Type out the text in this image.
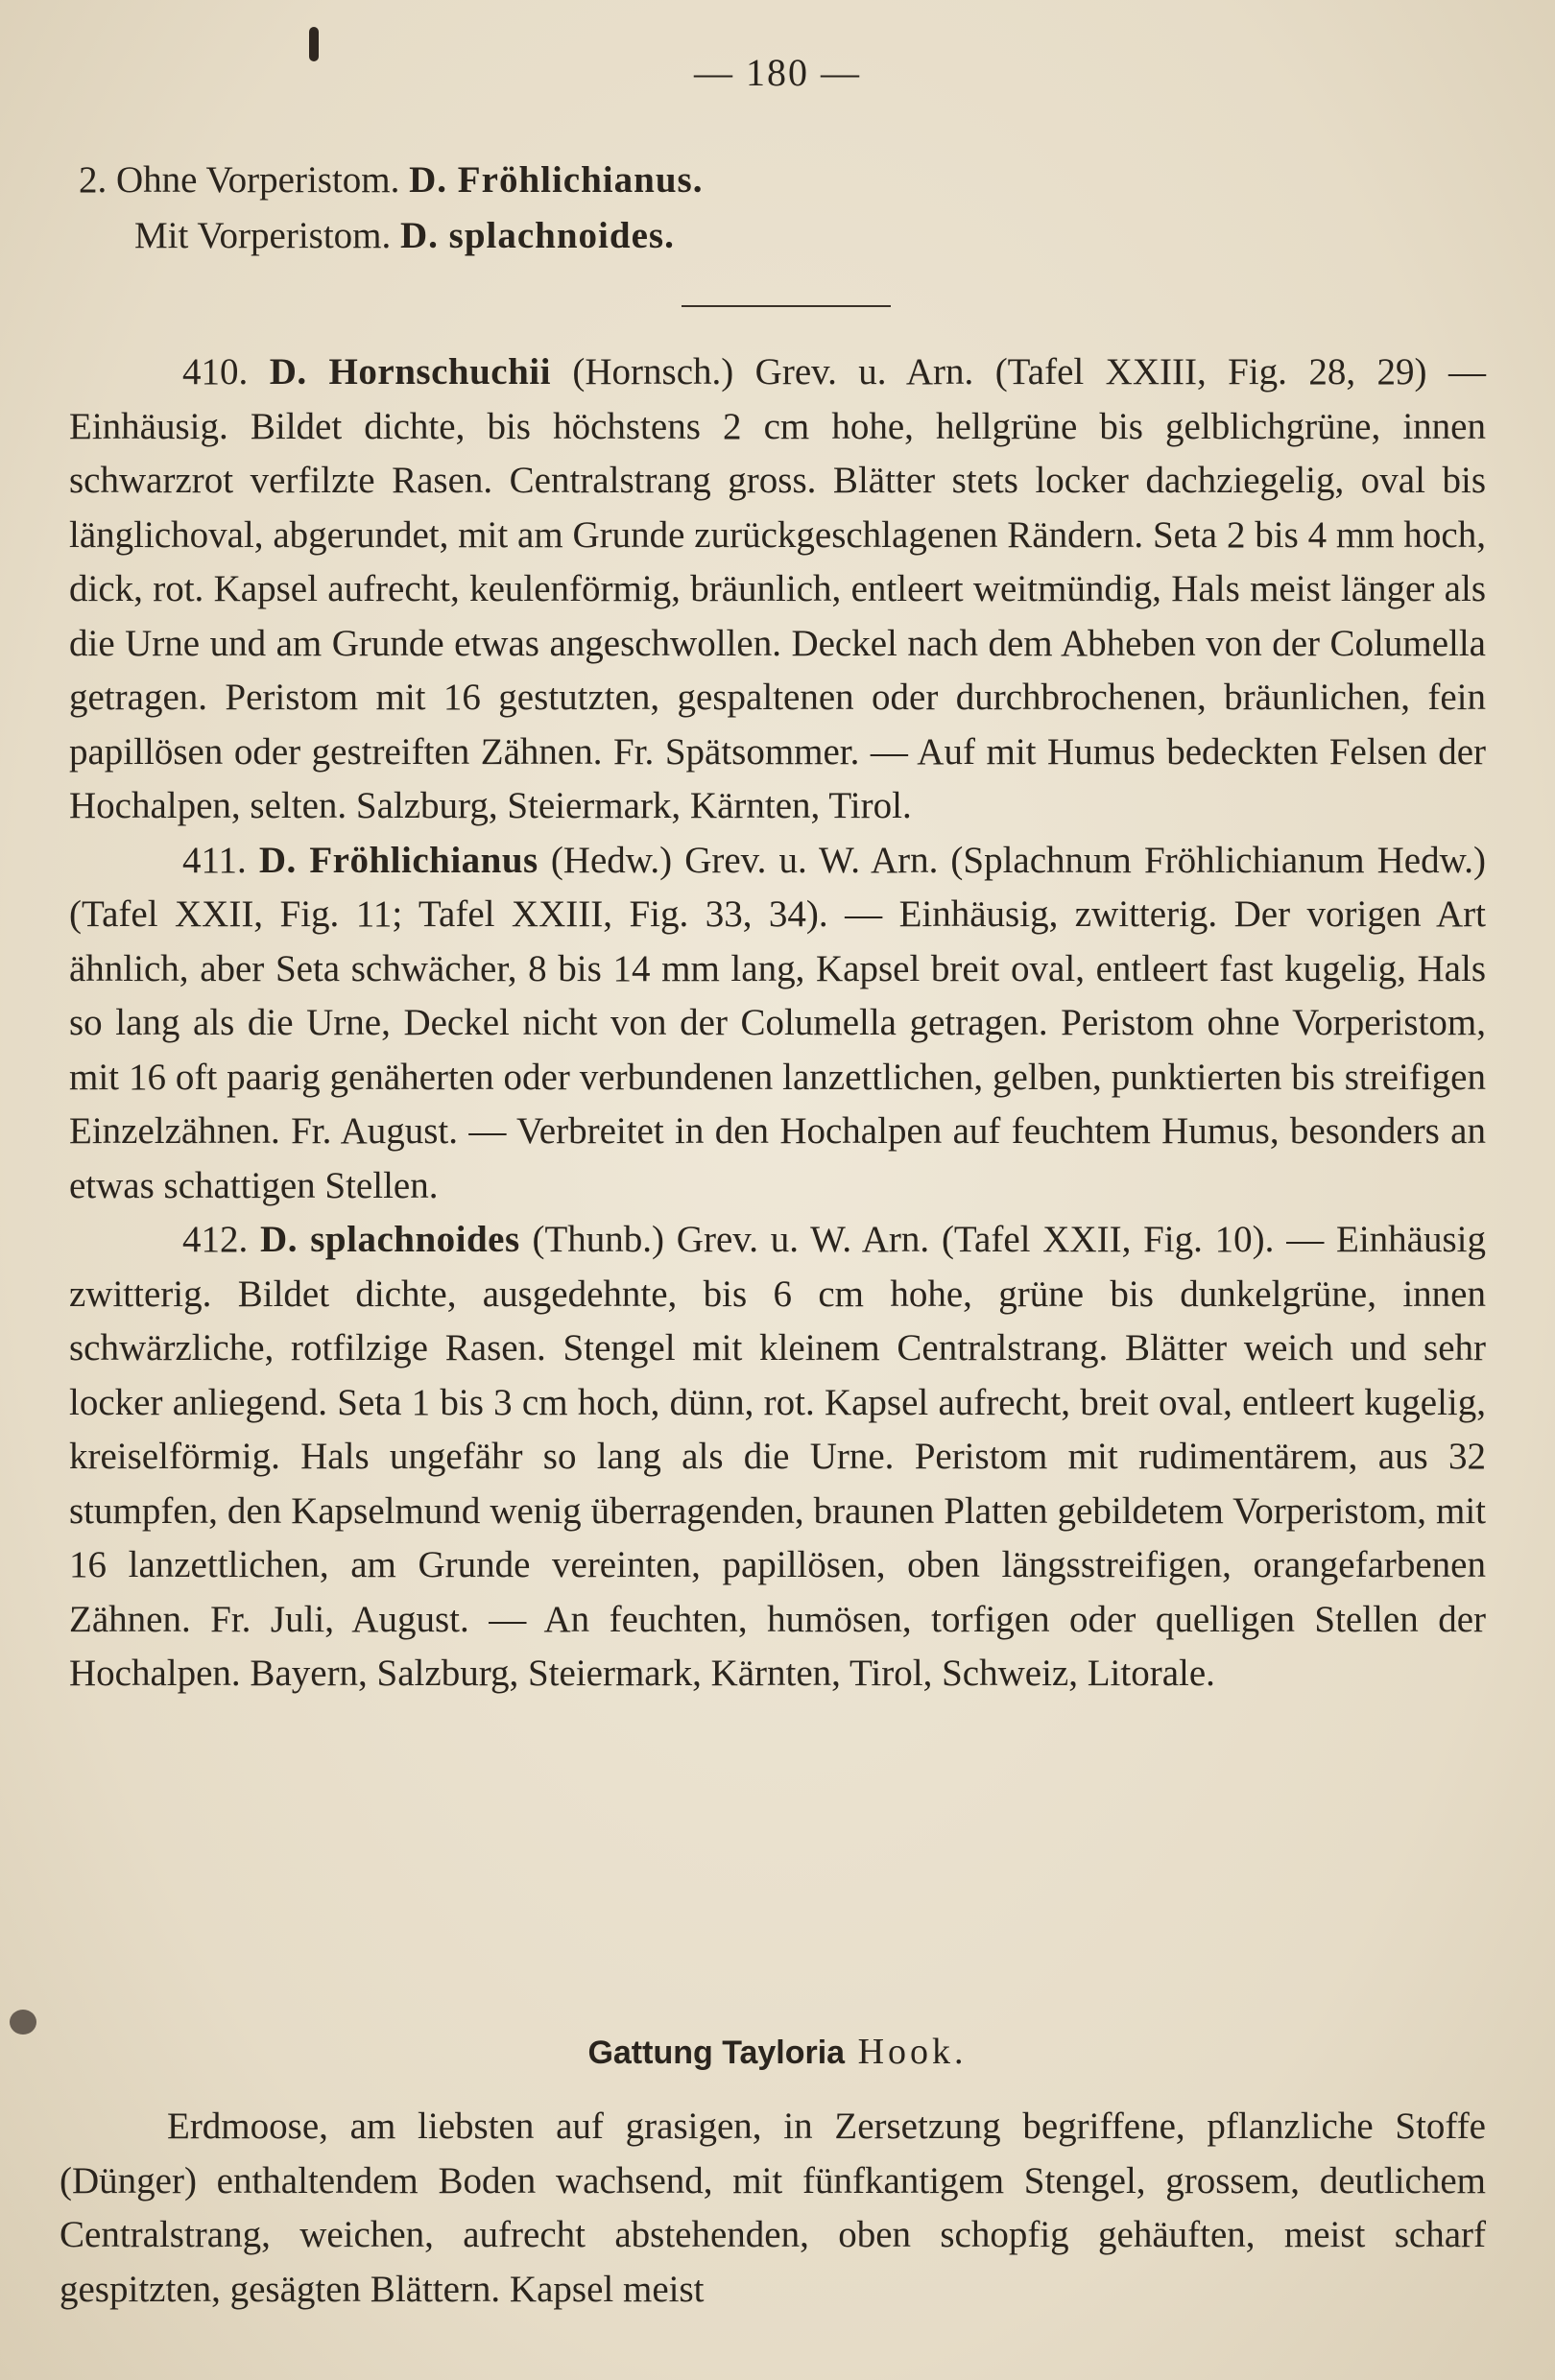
— 180 —
2. Ohne Vorperistom. D. Fröhlichianus.
Mit Vorperistom. D. splachnoides.

410. D. Hornschuchii (Hornsch.) Grev. u. Arn. (Tafel XXIII, Fig. 28, 29) — Einhäusig. Bildet dichte, bis höchstens 2 cm hohe, hellgrüne bis gelblichgrüne, innen schwarzrot verfilzte Rasen. Centralstrang gross. Blätter stets locker dachziegelig, oval bis länglichoval, abgerundet, mit am Grunde zurückgeschlagenen Rändern. Seta 2 bis 4 mm hoch, dick, rot. Kapsel aufrecht, keulenförmig, bräunlich, entleert weitmündig, Hals meist länger als die Urne und am Grunde etwas angeschwollen. Deckel nach dem Abheben von der Columella getragen. Peristom mit 16 gestutzten, gespaltenen oder durchbrochenen, bräunlichen, fein papillösen oder gestreiften Zähnen. Fr. Spätsommer. — Auf mit Humus bedeckten Felsen der Hochalpen, selten. Salzburg, Steiermark, Kärnten, Tirol.

411. D. Fröhlichianus (Hedw.) Grev. u. W. Arn. (Splachnum Fröhlichianum Hedw.) (Tafel XXII, Fig. 11; Tafel XXIII, Fig. 33, 34). — Einhäusig, zwitterig. Der vorigen Art ähnlich, aber Seta schwächer, 8 bis 14 mm lang, Kapsel breit oval, entleert fast kugelig, Hals so lang als die Urne, Deckel nicht von der Columella getragen. Peristom ohne Vorperistom, mit 16 oft paarig genäherten oder verbundenen lanzettlichen, gelben, punktierten bis streifigen Einzelzähnen. Fr. August. — Verbreitet in den Hochalpen auf feuchtem Humus, besonders an etwas schattigen Stellen.

412. D. splachnoides (Thunb.) Grev. u. W. Arn. (Tafel XXII, Fig. 10). — Einhäusig zwitterig. Bildet dichte, ausgedehnte, bis 6 cm hohe, grüne bis dunkelgrüne, innen schwärzliche, rotfilzige Rasen. Stengel mit kleinem Centralstrang. Blätter weich und sehr locker anliegend. Seta 1 bis 3 cm hoch, dünn, rot. Kapsel aufrecht, breit oval, entleert kugelig, kreiselförmig. Hals ungefähr so lang als die Urne. Peristom mit rudimentärem, aus 32 stumpfen, den Kapselmund wenig überragenden, braunen Platten gebildetem Vorperistom, mit 16 lanzettlichen, am Grunde vereinten, papillösen, oben längsstreifigen, orangefarbenen Zähnen. Fr. Juli, August. — An feuchten, humösen, torfigen oder quelligen Stellen der Hochalpen. Bayern, Salzburg, Steiermark, Kärnten, Tirol, Schweiz, Litorale.

Gattung Tayloria Hook.

Erdmoose, am liebsten auf grasigen, in Zersetzung begriffene, pflanzliche Stoffe (Dünger) enthaltendem Boden wachsend, mit fünfkantigem Stengel, grossem, deutlichem Centralstrang, weichen, aufrecht abstehenden, oben schopfig gehäuften, meist scharf gespitzten, gesägten Blättern. Kapsel meist
